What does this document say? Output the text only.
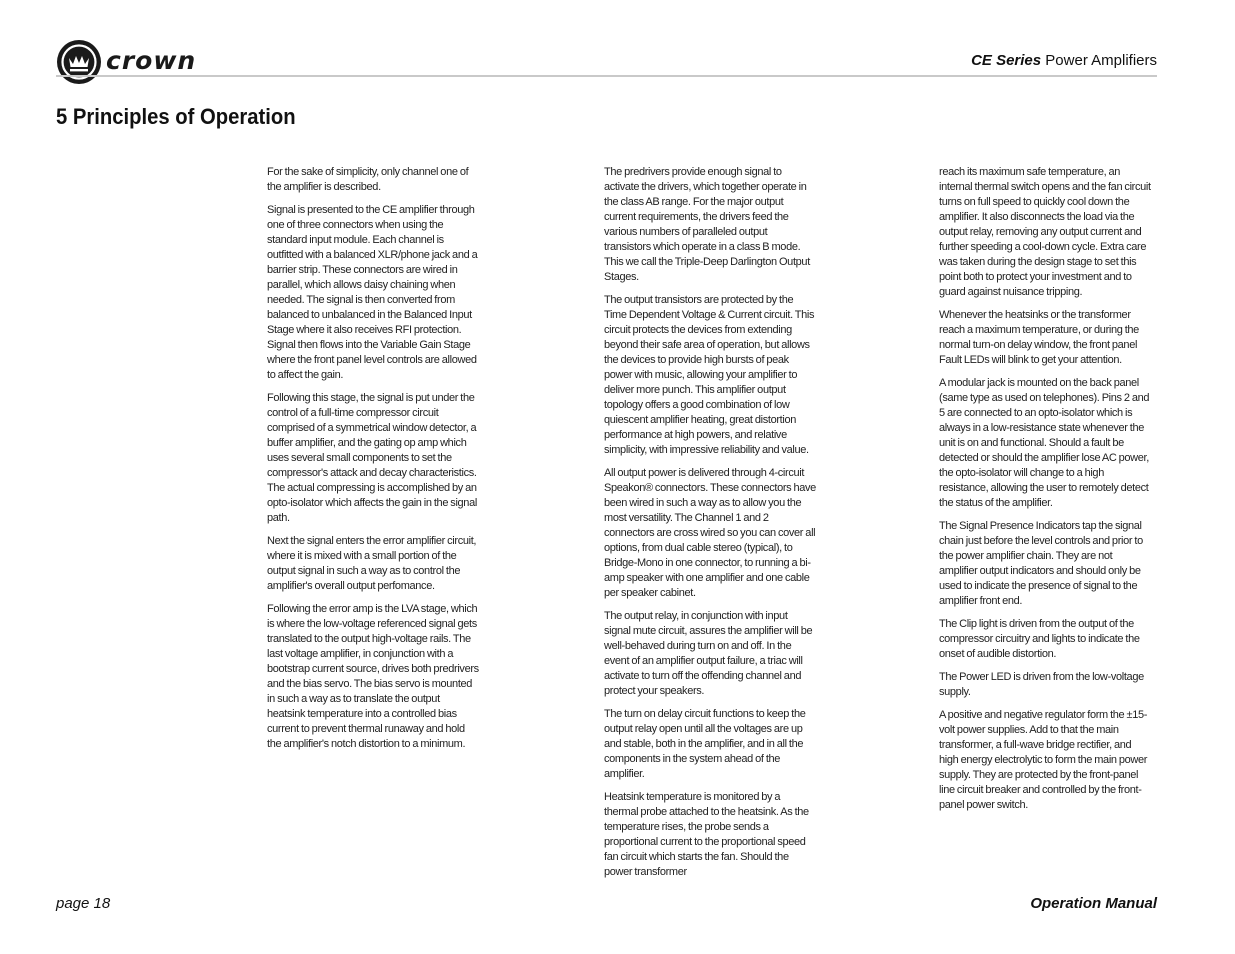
crown	CE Series Power Amplifiers
5 Principles of Operation

For the sake of simplicity, only channel one of the amplifier is described.

Signal is presented to the CE amplifier through one of three connectors when using the standard input module. Each channel is outfitted with a balanced XLR/phone jack and a barrier strip. These connectors are wired in parallel, which allows daisy chaining when needed. The signal is then converted from balanced to unbalanced in the Balanced Input Stage where it also receives RFI protection. Signal then flows into the Variable Gain Stage where the front panel level controls are allowed to affect the gain.

Following this stage, the signal is put under the control of a full-time compressor circuit comprised of a symmetrical window detector, a buffer amplifier, and the gating op amp which uses several small components to set the compressor's attack and decay characteristics. The actual compressing is accomplished by an opto-isolator which affects the gain in the signal path.

Next the signal enters the error amplifier circuit, where it is mixed with a small portion of the output signal in such a way as to control the amplifier's overall output perfomance.

Following the error amp is the LVA stage, which is where the low-voltage referenced signal gets translated to the output high-voltage rails. The last voltage amplifier, in conjunction with a bootstrap current source, drives both predrivers and the bias servo. The bias servo is mounted in such a way as to translate the output heatsink temperature into a controlled bias current to prevent thermal runaway and hold the amplifier's notch distortion to a minimum.

The predrivers provide enough signal to activate the drivers, which together operate in the class AB range. For the major output current requirements, the drivers feed the various numbers of paralleled output transistors which operate in a class B mode. This we call the Triple-Deep Darlington Output Stages.

The output transistors are protected by the Time Dependent Voltage & Current circuit. This circuit protects the devices from extending beyond their safe area of operation, but allows the devices to provide high bursts of peak power with music, allowing your amplifier to deliver more punch. This amplifier output topology offers a good combination of low quiescent amplifier heating, great distortion performance at high powers, and relative simplicity, with impressive reliability and value.

All output power is delivered through 4-circuit Speakon® connectors. These connectors have been wired in such a way as to allow you the most versatility. The Channel 1 and 2 connectors are cross wired so you can cover all options, from dual cable stereo (typical), to Bridge-Mono in one connector, to running a bi-amp speaker with one amplifier and one cable per speaker cabinet.

The output relay, in conjunction with input signal mute circuit, assures the amplifier will be well-behaved during turn on and off. In the event of an amplifier output failure, a triac will activate to turn off the offending channel and protect your speakers.

The turn on delay circuit functions to keep the output relay open until all the voltages are up and stable, both in the amplifier, and in all the components in the system ahead of the amplifier.

Heatsink temperature is monitored by a thermal probe attached to the heatsink. As the temperature rises, the probe sends a proportional current to the proportional speed fan circuit which starts the fan. Should the power transformer

reach its maximum safe temperature, an internal thermal switch opens and the fan circuit turns on full speed to quickly cool down the amplifier. It also disconnects the load via the output relay, removing any output current and further speeding a cool-down cycle. Extra care was taken during the design stage to set this point both to protect your investment and to guard against nuisance tripping.

Whenever the heatsinks or the transformer reach a maximum temperature, or during the normal turn-on delay window, the front panel Fault LEDs will blink to get your attention.

A modular jack is mounted on the back panel (same type as used on telephones). Pins 2 and 5 are connected to an opto-isolator which is always in a low-resistance state whenever the unit is on and functional. Should a fault be detected or should the amplifier lose AC power, the opto-isolator will change to a high resistance, allowing the user to remotely detect the status of the amplifier.

The Signal Presence Indicators tap the signal chain just before the level controls and prior to the power amplifier chain. They are not amplifier output indicators and should only be used to indicate the presence of signal to the amplifier front end.

The Clip light is driven from the output of the compressor circuitry and lights to indicate the onset of audible distortion.

The Power LED is driven from the low-voltage supply.

A positive and negative regulator form the ±15-volt power supplies. Add to that the main transformer, a full-wave bridge rectifier, and high energy electrolytic to form the main power supply. They are protected by the front-panel line circuit breaker and controlled by the front-panel power switch.

page 18	Operation Manual
